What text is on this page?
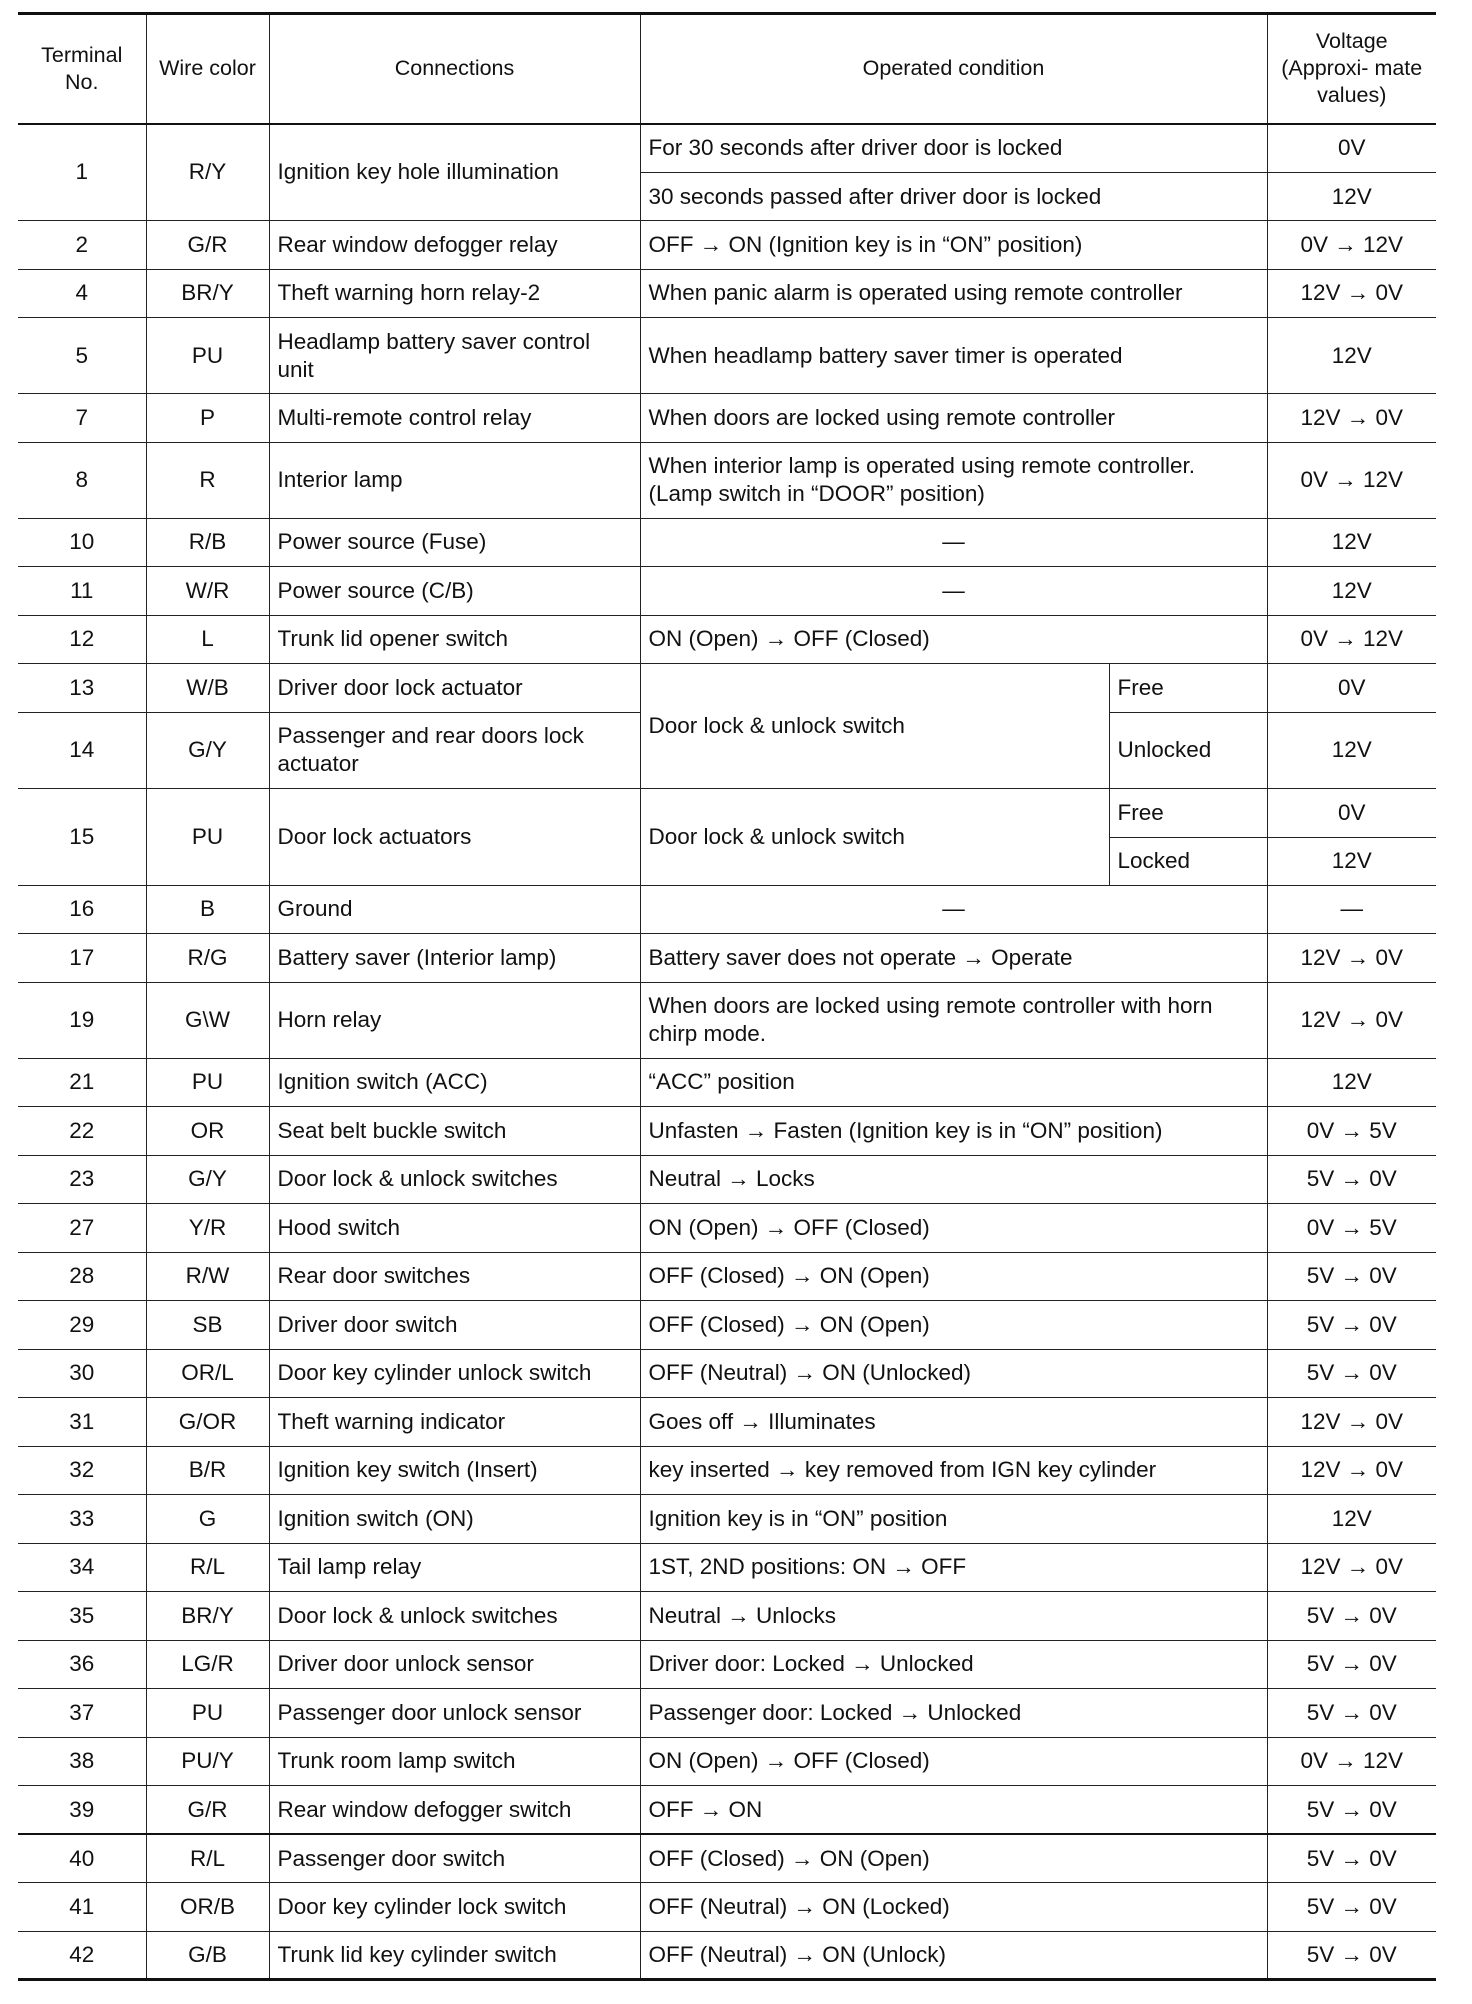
Terminal No.	Wire color	Connections	Operated condition		Voltage (Approxi- mate values)
1	R/Y	Ignition key hole illumination	For 30 seconds after driver door is locked		0V
			30 seconds passed after driver door is locked		12V
2	G/R	Rear window defogger relay	OFF → ON (Ignition key is in “ON” position)		0V → 12V
4	BR/Y	Theft warning horn relay-2	When panic alarm is operated using remote controller		12V → 0V
5	PU	Headlamp battery saver control unit	When headlamp battery saver timer is operated		12V
7	P	Multi-remote control relay	When doors are locked using remote controller		12V → 0V
8	R	Interior lamp	When interior lamp is operated using remote controller. (Lamp switch in “DOOR” position)		0V → 12V
10	R/B	Power source (Fuse)	—		12V
11	W/R	Power source (C/B)	—		12V
12	L	Trunk lid opener switch	ON (Open) → OFF (Closed)		0V → 12V
13	W/B	Driver door lock actuator	Door lock & unlock switch	Free	0V
14	G/Y	Passenger and rear doors lock actuator		Unlocked	12V
15	PU	Door lock actuators	Door lock & unlock switch	Free	0V
				Locked	12V
16	B	Ground	—		—
17	R/G	Battery saver (Interior lamp)	Battery saver does not operate → Operate		12V → 0V
19	G\W	Horn relay	When doors are locked using remote controller with horn chirp mode.		12V → 0V
21	PU	Ignition switch (ACC)	“ACC” position		12V
22	OR	Seat belt buckle switch	Unfasten → Fasten (Ignition key is in “ON” position)		0V → 5V
23	G/Y	Door lock & unlock switches	Neutral → Locks		5V → 0V
27	Y/R	Hood switch	ON (Open) → OFF (Closed)		0V → 5V
28	R/W	Rear door switches	OFF (Closed) → ON (Open)		5V → 0V
29	SB	Driver door switch	OFF (Closed) → ON (Open)		5V → 0V
30	OR/L	Door key cylinder unlock switch	OFF (Neutral) → ON (Unlocked)		5V → 0V
31	G/OR	Theft warning indicator	Goes off → Illuminates		12V → 0V
32	B/R	Ignition key switch (Insert)	key inserted → key removed from IGN key cylinder		12V → 0V
33	G	Ignition switch (ON)	Ignition key is in “ON” position		12V
34	R/L	Tail lamp relay	1ST, 2ND positions: ON → OFF		12V → 0V
35	BR/Y	Door lock & unlock switches	Neutral → Unlocks		5V → 0V
36	LG/R	Driver door unlock sensor	Driver door: Locked → Unlocked		5V → 0V
37	PU	Passenger door unlock sensor	Passenger door: Locked → Unlocked		5V → 0V
38	PU/Y	Trunk room lamp switch	ON (Open) → OFF (Closed)		0V → 12V
39	G/R	Rear window defogger switch	OFF → ON		5V → 0V
40	R/L	Passenger door switch	OFF (Closed) → ON (Open)		5V → 0V
41	OR/B	Door key cylinder lock switch	OFF (Neutral) → ON (Locked)		5V → 0V
42	G/B	Trunk lid key cylinder switch	OFF (Neutral) → ON (Unlock)		5V → 0V
